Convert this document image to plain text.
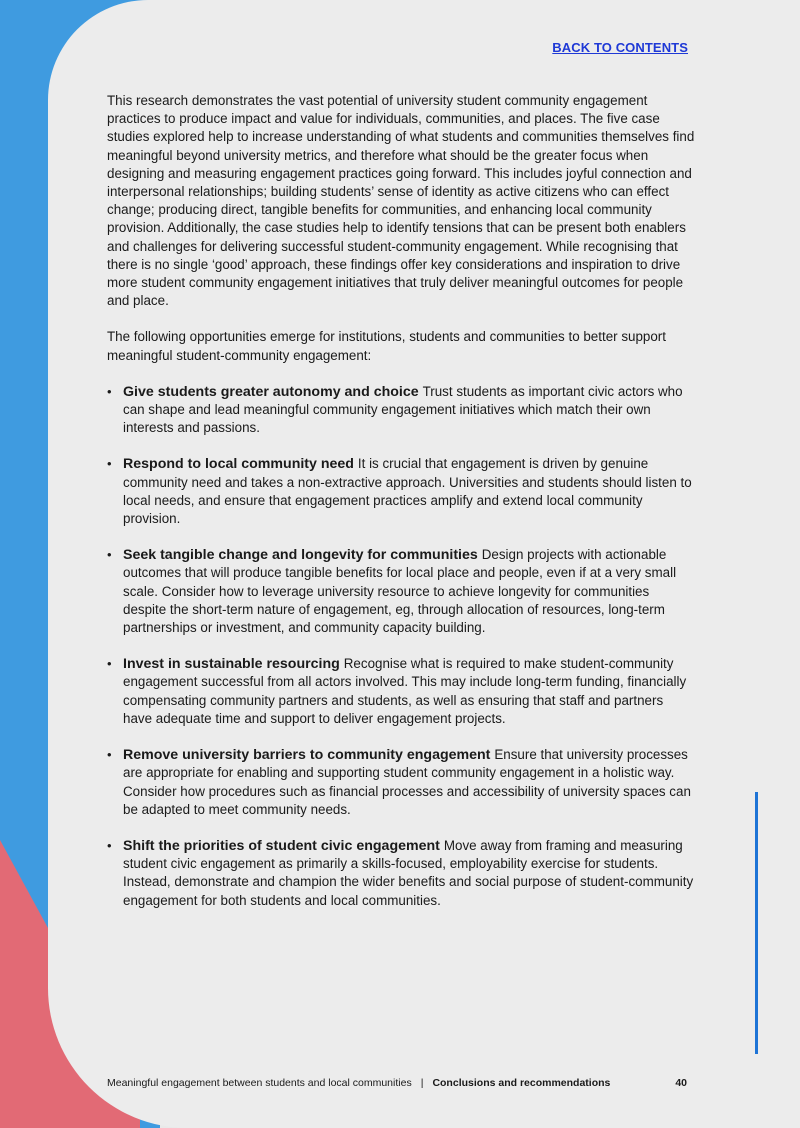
BACK TO CONTENTS

This research demonstrates the vast potential of university student community engagement practices to produce impact and value for individuals, communities, and places. The five case studies explored help to increase understanding of what students and communities themselves find meaningful beyond university metrics, and therefore what should be the greater focus when designing and measuring engagement practices going forward. This includes joyful connection and interpersonal relationships; building students’ sense of identity as active citizens who can effect change; producing direct, tangible benefits for communities, and enhancing local community provision. Additionally, the case studies help to identify tensions that can be present both enablers and challenges for delivering successful student-community engagement. While recognising that there is no single ‘good’ approach, these findings offer key considerations and inspiration to drive more student community engagement initiatives that truly deliver meaningful outcomes for people and place.

The following opportunities emerge for institutions, students and communities to better support meaningful student-community engagement:

• Give students greater autonomy and choice Trust students as important civic actors who can shape and lead meaningful community engagement initiatives which match their own interests and passions.
• Respond to local community need It is crucial that engagement is driven by genuine community need and takes a non-extractive approach. Universities and students should listen to local needs, and ensure that engagement practices amplify and extend local community provision.
• Seek tangible change and longevity for communities Design projects with actionable outcomes that will produce tangible benefits for local place and people, even if at a very small scale. Consider how to leverage university resource to achieve longevity for communities despite the short-term nature of engagement, eg, through allocation of resources, long-term partnerships or investment, and community capacity building.
• Invest in sustainable resourcing Recognise what is required to make student-community engagement successful from all actors involved. This may include long-term funding, financially compensating community partners and students, as well as ensuring that staff and partners have adequate time and support to deliver engagement projects.
• Remove university barriers to community engagement Ensure that university processes are appropriate for enabling and supporting student community engagement in a holistic way. Consider how procedures such as financial processes and accessibility of university spaces can be adapted to meet community needs.
• Shift the priorities of student civic engagement Move away from framing and measuring student civic engagement as primarily a skills-focused, employability exercise for students. Instead, demonstrate and champion the wider benefits and social purpose of student-community engagement for both students and local communities.
Meaningful engagement between students and local communities | Conclusions and recommendations	40
